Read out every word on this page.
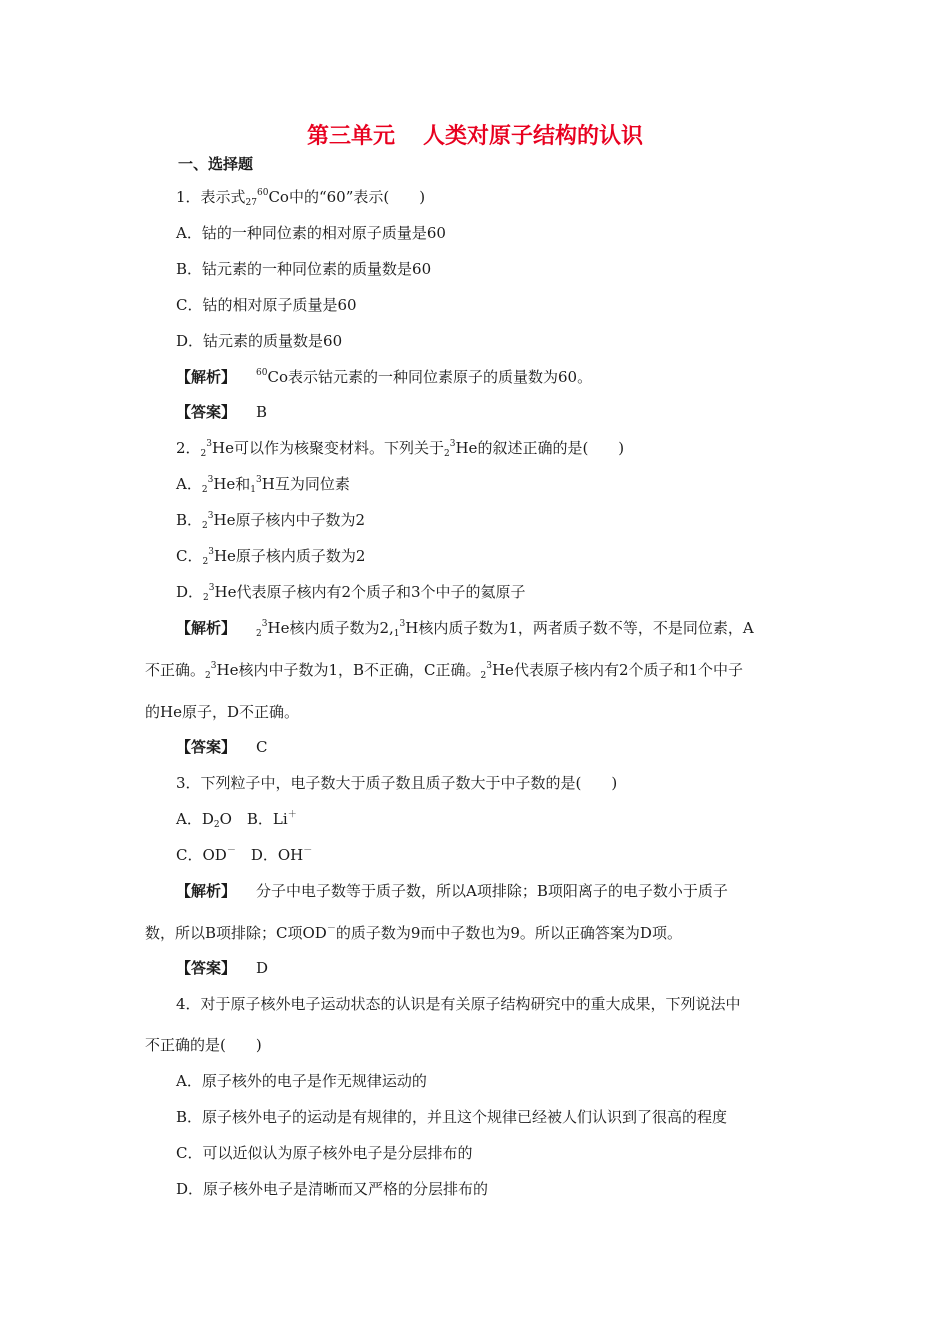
第三单元 人类对原子结构的认识
一、选择题
1．表示式$_{27}^{60}$Co中的“60”表示(　　)
A．钴的一种同位素的相对原子质量是60
B．钴元素的一种同位素的质量数是60
C．钴的相对原子质量是60
D．钴元素的质量数是60
【解析】 $^{60}$Co表示钴元素的一种同位素原子的质量数为60。
【答案】 B
2．$_2^3$He可以作为核聚变材料。下列关于$_2^3$He的叙述正确的是(　　)
A．$_2^3$He和$_1^3$H互为同位素
B．$_2^3$He原子核内中子数为2
C．$_2^3$He原子核内质子数为2
D．$_2^3$He代表原子核内有2个质子和3个中子的氦原子
【解析】 $_2^3$He核内质子数为$2,_1^3H$核内质子数为1，两者质子数不等，不是同位素，A
不正确。$_2^3$He核内中子数为1，B不正确，C正确。$_2^3$He代表原子核内有2个质子和1个中子
的He原子，D不正确。
【答案】 C
3．下列粒子中，电子数大于质子数且质子数大于中子数的是(　　)
A．$D_2O$　B．Li＋
C．OD－　D．OH－
【解析】 分子中电子数等于质子数，所以A项排除；B项阳离子的电子数小于质子
数，所以B项排除；C项OD－的质子数为9而中子数也为9。所以正确答案为D项。
【答案】 D
4．对于原子核外电子运动状态的认识是有关原子结构研究中的重大成果，下列说法中
不正确的是(　　)
A．原子核外的电子是作无规律运动的
B．原子核外电子的运动是有规律的，并且这个规律已经被人们认识到了很高的程度
C．可以近似认为原子核外电子是分层排布的
D．原子核外电子是清晰而又严格的分层排布的
